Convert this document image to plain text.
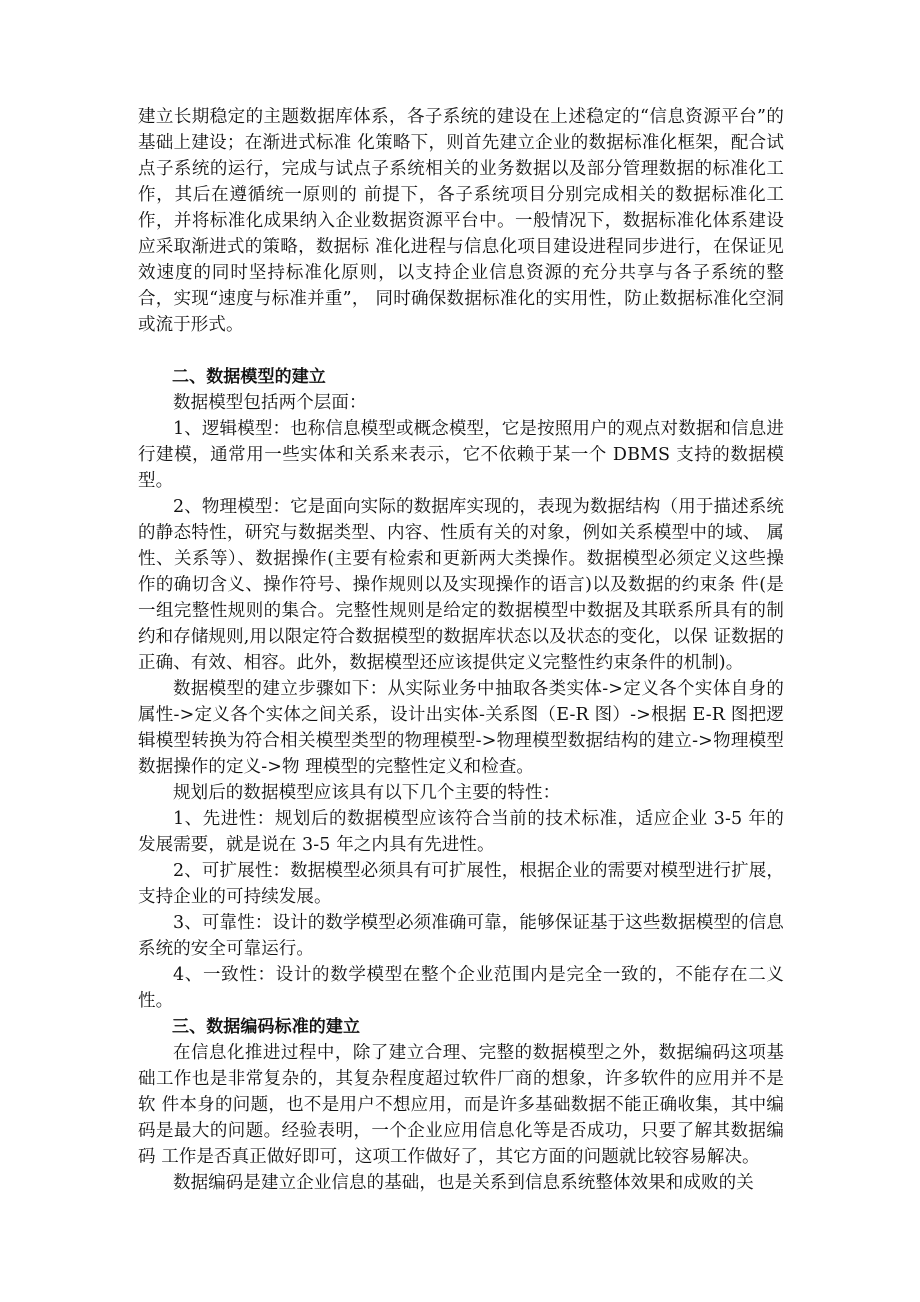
建立长期稳定的主题数据库体系，各子系统的建设在上述稳定的“信息资源平台”的基础上建设；在渐进式标准 化策略下，则首先建立企业的数据标准化框架，配合试点子系统的运行，完成与试点子系统相关的业务数据以及部分管理数据的标准化工作，其后在遵循统一原则的 前提下，各子系统项目分别完成相关的数据标准化工作，并将标准化成果纳入企业数据资源平台中。一般情况下，数据标准化体系建设应采取渐进式的策略，数据标 准化进程与信息化项目建设进程同步进行，在保证见效速度的同时坚持标准化原则，以支持企业信息资源的充分共享与各子系统的整合，实现“速度与标准并重”， 同时确保数据标准化的实用性，防止数据标准化空洞或流于形式。

二、数据模型的建立

数据模型包括两个层面：

1、逻辑模型：也称信息模型或概念模型，它是按照用户的观点对数据和信息进行建模，通常用一些实体和关系来表示，它不依赖于某一个 DBMS 支持的数据模型。

2、物理模型：它是面向实际的数据库实现的，表现为数据结构（用于描述系统的静态特性，研究与数据类型、内容、性质有关的对象，例如关系模型中的域、 属性、关系等）、数据操作(主要有检索和更新两大类操作。数据模型必须定义这些操作的确切含义、操作符号、操作规则以及实现操作的语言)以及数据的约束条 件(是一组完整性规则的集合。完整性规则是给定的数据模型中数据及其联系所具有的制约和存储规则,用以限定符合数据模型的数据库状态以及状态的变化，以保 证数据的正确、有效、相容。此外，数据模型还应该提供定义完整性约束条件的机制)。

数据模型的建立步骤如下：从实际业务中抽取各类实体->定义各个实体自身的属性->定义各个实体之间关系，设计出实体-关系图（E-R 图）->根据 E-R 图把逻辑模型转换为符合相关模型类型的物理模型->物理模型数据结构的建立->物理模型数据操作的定义->物 理模型的完整性定义和检查。

规划后的数据模型应该具有以下几个主要的特性：

1、先进性：规划后的数据模型应该符合当前的技术标准，适应企业 3-5 年的发展需要，就是说在 3-5 年之内具有先进性。

2、可扩展性：数据模型必须具有可扩展性，根据企业的需要对模型进行扩展，支持企业的可持续发展。

3、可靠性：设计的数学模型必须准确可靠，能够保证基于这些数据模型的信息系统的安全可靠运行。

4、一致性：设计的数学模型在整个企业范围内是完全一致的，不能存在二义性。

三、数据编码标准的建立

在信息化推进过程中，除了建立合理、完整的数据模型之外，数据编码这项基础工作也是非常复杂的，其复杂程度超过软件厂商的想象，许多软件的应用并不是软 件本身的问题，也不是用户不想应用，而是许多基础数据不能正确收集，其中编码是最大的问题。经验表明，一个企业应用信息化等是否成功，只要了解其数据编码 工作是否真正做好即可，这项工作做好了，其它方面的问题就比较容易解决。

数据编码是建立企业信息的基础，也是关系到信息系统整体效果和成败的关
